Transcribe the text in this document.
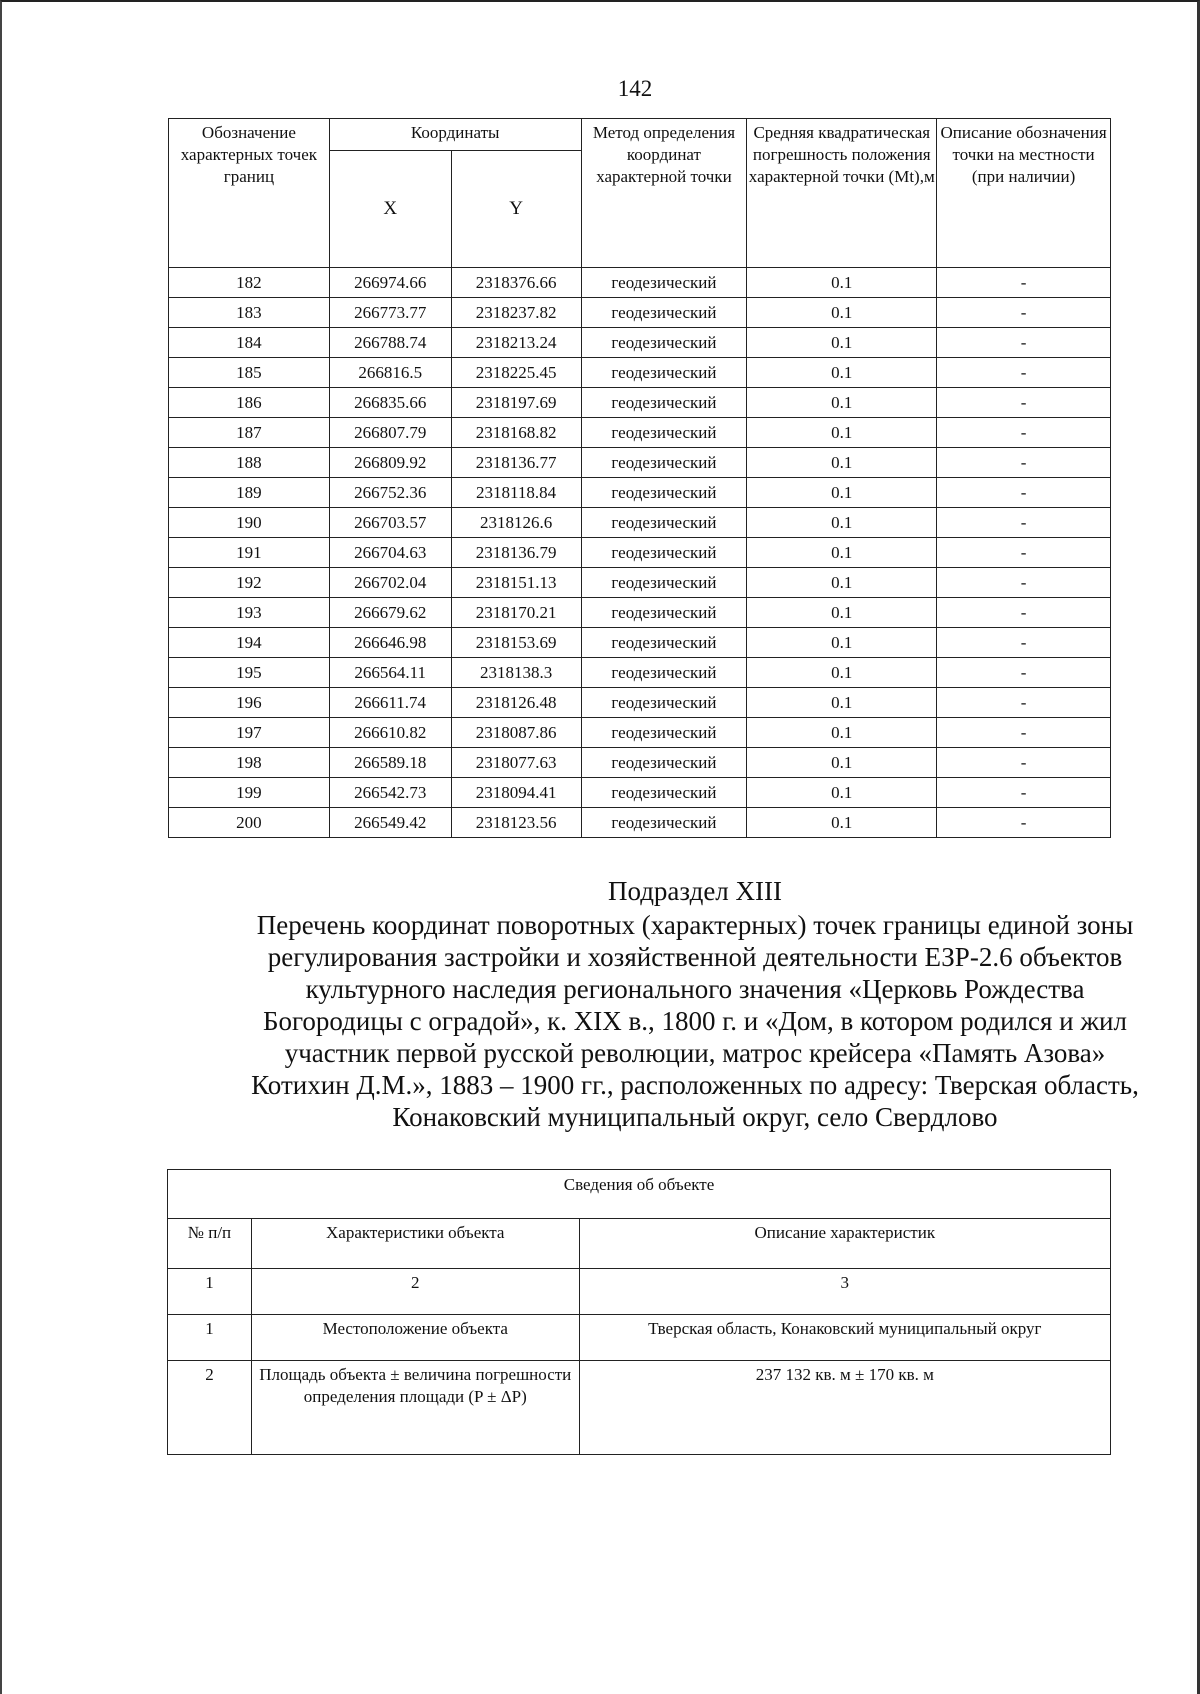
142
Обозначение характерных точек границ	Координаты		Метод определения координат характерной точки	Средняя квадратическая погрешность положения характерной точки (Mt),м	Описание обозначения точки на местности (при наличии)
	X	Y			
182	266974.66	2318376.66	геодезический	0.1	-
183	266773.77	2318237.82	геодезический	0.1	-
184	266788.74	2318213.24	геодезический	0.1	-
185	266816.5	2318225.45	геодезический	0.1	-
186	266835.66	2318197.69	геодезический	0.1	-
187	266807.79	2318168.82	геодезический	0.1	-
188	266809.92	2318136.77	геодезический	0.1	-
189	266752.36	2318118.84	геодезический	0.1	-
190	266703.57	2318126.6	геодезический	0.1	-
191	266704.63	2318136.79	геодезический	0.1	-
192	266702.04	2318151.13	геодезический	0.1	-
193	266679.62	2318170.21	геодезический	0.1	-
194	266646.98	2318153.69	геодезический	0.1	-
195	266564.11	2318138.3	геодезический	0.1	-
196	266611.74	2318126.48	геодезический	0.1	-
197	266610.82	2318087.86	геодезический	0.1	-
198	266589.18	2318077.63	геодезический	0.1	-
199	266542.73	2318094.41	геодезический	0.1	-
200	266549.42	2318123.56	геодезический	0.1	-
Подраздел XIII
Перечень координат поворотных (характерных) точек границы единой зоны
регулирования застройки и хозяйственной деятельности ЕЗР-2.6 объектов
культурного наследия регионального значения «Церковь Рождества
Богородицы с оградой», к. XIX в., 1800 г. и «Дом, в котором родился и жил
участник первой русской революции, матрос крейсера «Память Азова»
Котихин Д.М.», 1883 – 1900 гг., расположенных по адресу: Тверская область,
Конаковский муниципальный округ, село Свердлово
Сведения об объекте		
№ п/п	Характеристики объекта	Описание характеристик
1	2	3
1	Местоположение объекта	Тверская область, Конаковский муниципальный округ
2	Площадь объекта ± величина погрешности определения площади (P ± ΔP)	237 132 кв. м ± 170 кв. м
